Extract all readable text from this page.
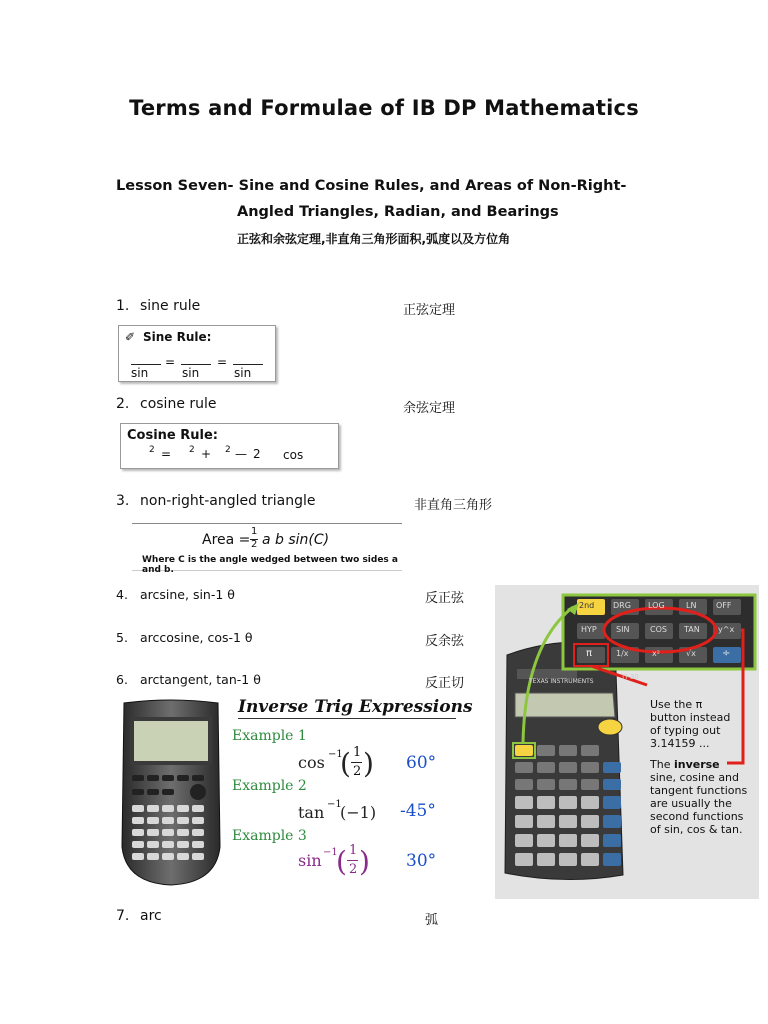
Terms and Formulae of IB DP Mathematics
Lesson Seven- Sine and Cosine Rules, and Areas of Non-Right-
Angled Triangles, Radian, and Bearings
正弦和余弦定理,非直角三角形面积,弧度以及方位角
1. sine rule	正弦定理
✐ Sine Rule:
=	=
sin	sin	sin
2. cosine rule	余弦定理
Cosine Rule:
2 = 2 + 2 — 2 cos
3. non-right-angled triangle	非直角三角形
Area =
1
2 a b sin(C)
Where C is the angle wedged between two sides a and b.
4. arcsine, sin-1 θ	反正弦
5. arccosine, cos-1 θ	反余弦
6. arctangent, tan-1 θ	反正切
Inverse Trig Expressions
Example 1
cos −1
( 1
2 ) 60°
Example 2
tan −1
(−1) -45°
Example 3
sin −1
( 1
2 ) 30°
TI-30
TEXAS INSTRUMENTS
2nd DRG LOG	LN OFF
HYP SIN	COS TAN y^x
π	1/x	x²	√x	÷
Use the π
button instead
of typing out
3.14159 ...
The inverse
sine, cosine and
tangent functions
are usually the
second functions
of sin, cos & tan.
7. arc	弧
